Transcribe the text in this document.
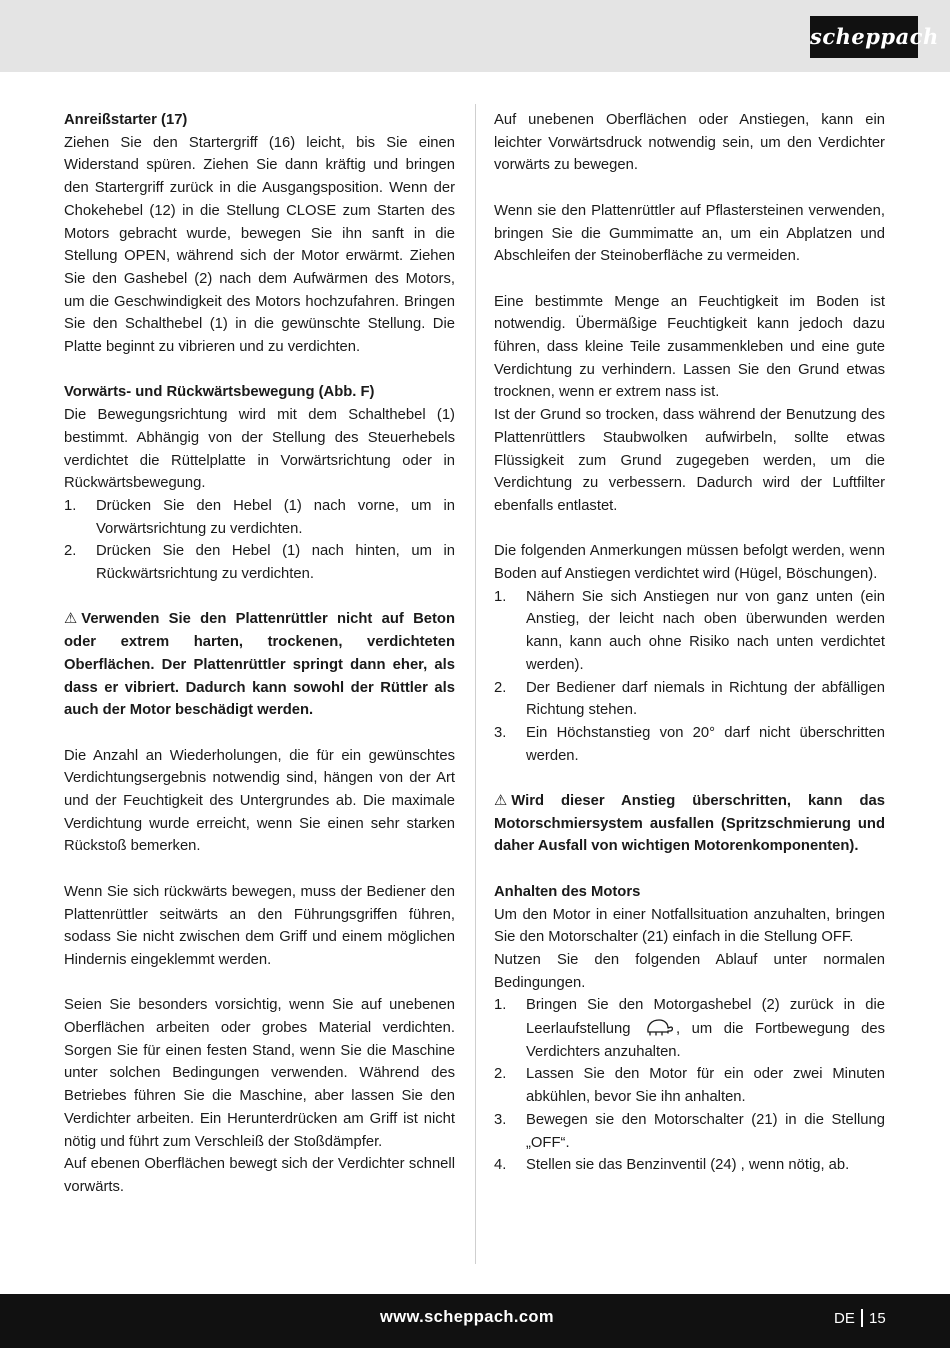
scheppach

Anreißstarter (17)

Ziehen Sie den Startergriff (16) leicht, bis Sie einen Widerstand spüren. Ziehen Sie dann kräftig und bringen den Startergriff zurück in die Ausgangsposition. Wenn der Chokehebel (12) in die Stellung CLOSE zum Starten des Motors gebracht wurde, bewegen Sie ihn sanft in die Stellung OPEN, während sich der Motor erwärmt. Ziehen Sie den Gashebel (2) nach dem Aufwärmen des Motors, um die Geschwindigkeit des Motors hochzufahren. Bringen Sie den Schalthebel (1) in die gewünschte Stellung. Die Platte beginnt zu vibrieren und zu verdichten.

Vorwärts- und Rückwärtsbewegung (Abb. F)

Die Bewegungsrichtung wird mit dem Schalthebel (1) bestimmt. Abhängig von der Stellung des Steuerhebels verdichtet die Rüttelplatte in Vorwärtsrichtung oder in Rückwärtsbewegung.

1. Drücken Sie den Hebel (1) nach vorne, um in Vorwärtsrichtung zu verdichten.
2. Drücken Sie den Hebel (1) nach hinten, um in Rückwärtsrichtung zu verdichten.

⚠ Verwenden Sie den Plattenrüttler nicht auf Beton oder extrem harten, trockenen, verdichteten Oberflächen. Der Plattenrüttler springt dann eher, als dass er vibriert. Dadurch kann sowohl der Rüttler als auch der Motor beschädigt werden.

Die Anzahl an Wiederholungen, die für ein gewünschtes Verdichtungsergebnis notwendig sind, hängen von der Art und der Feuchtigkeit des Untergrundes ab. Die maximale Verdichtung wurde erreicht, wenn Sie einen sehr starken Rückstoß bemerken.

Wenn Sie sich rückwärts bewegen, muss der Bediener den Plattenrüttler seitwärts an den Führungsgriffen führen, sodass Sie nicht zwischen dem Griff und einem möglichen Hindernis eingeklemmt werden.

Seien Sie besonders vorsichtig, wenn Sie auf unebenen Oberflächen arbeiten oder grobes Material verdichten. Sorgen Sie für einen festen Stand, wenn Sie die Maschine unter solchen Bedingungen verwenden. Während des Betriebes führen Sie die Maschine, aber lassen Sie den Verdichter arbeiten. Ein Herunterdrücken am Griff ist nicht nötig und führt zum Verschleiß der Stoßdämpfer.

Auf ebenen Oberflächen bewegt sich der Verdichter schnell vorwärts.

Auf unebenen Oberflächen oder Anstiegen, kann ein leichter Vorwärtsdruck notwendig sein, um den Verdichter vorwärts zu bewegen.

Wenn sie den Plattenrüttler auf Pflastersteinen verwenden, bringen Sie die Gummimatte an, um ein Abplatzen und Abschleifen der Steinoberfläche zu vermeiden.

Eine bestimmte Menge an Feuchtigkeit im Boden ist notwendig. Übermäßige Feuchtigkeit kann jedoch dazu führen, dass kleine Teile zusammenkleben und eine gute Verdichtung zu verhindern. Lassen Sie den Grund etwas trocknen, wenn er extrem nass ist.

Ist der Grund so trocken, dass während der Benutzung des Plattenrüttlers Staubwolken aufwirbeln, sollte etwas Flüssigkeit zum Grund zugegeben werden, um die Verdichtung zu verbessern. Dadurch wird der Luftfilter ebenfalls entlastet.

Die folgenden Anmerkungen müssen befolgt werden, wenn Boden auf Anstiegen verdichtet wird (Hügel, Böschungen).

1. Nähern Sie sich Anstiegen nur von ganz unten (ein Anstieg, der leicht nach oben überwunden werden kann, kann auch ohne Risiko nach unten verdichtet werden).
2. Der Bediener darf niemals in Richtung der abfälligen Richtung stehen.
3. Ein Höchstanstieg von 20° darf nicht überschritten werden.

⚠ Wird dieser Anstieg überschritten, kann das Motorschmiersystem ausfallen (Spritzschmierung und daher Ausfall von wichtigen Motorenkomponenten).

Anhalten des Motors

Um den Motor in einer Notfallsituation anzuhalten, bringen Sie den Motorschalter (21) einfach in die Stellung OFF.

Nutzen Sie den folgenden Ablauf unter normalen Bedingungen.

1. Bringen Sie den Motorgashebel (2) zurück in die Leerlaufstellung	, um die Fortbewegung des Verdichters anzuhalten.
2. Lassen Sie den Motor für ein oder zwei Minuten abkühlen, bevor Sie ihn anhalten.
3. Bewegen sie den Motorschalter (21) in die Stellung „OFF“.
4. Stellen sie das Benzinventil (24) , wenn nötig, ab.
www.scheppach.com	DE 15
